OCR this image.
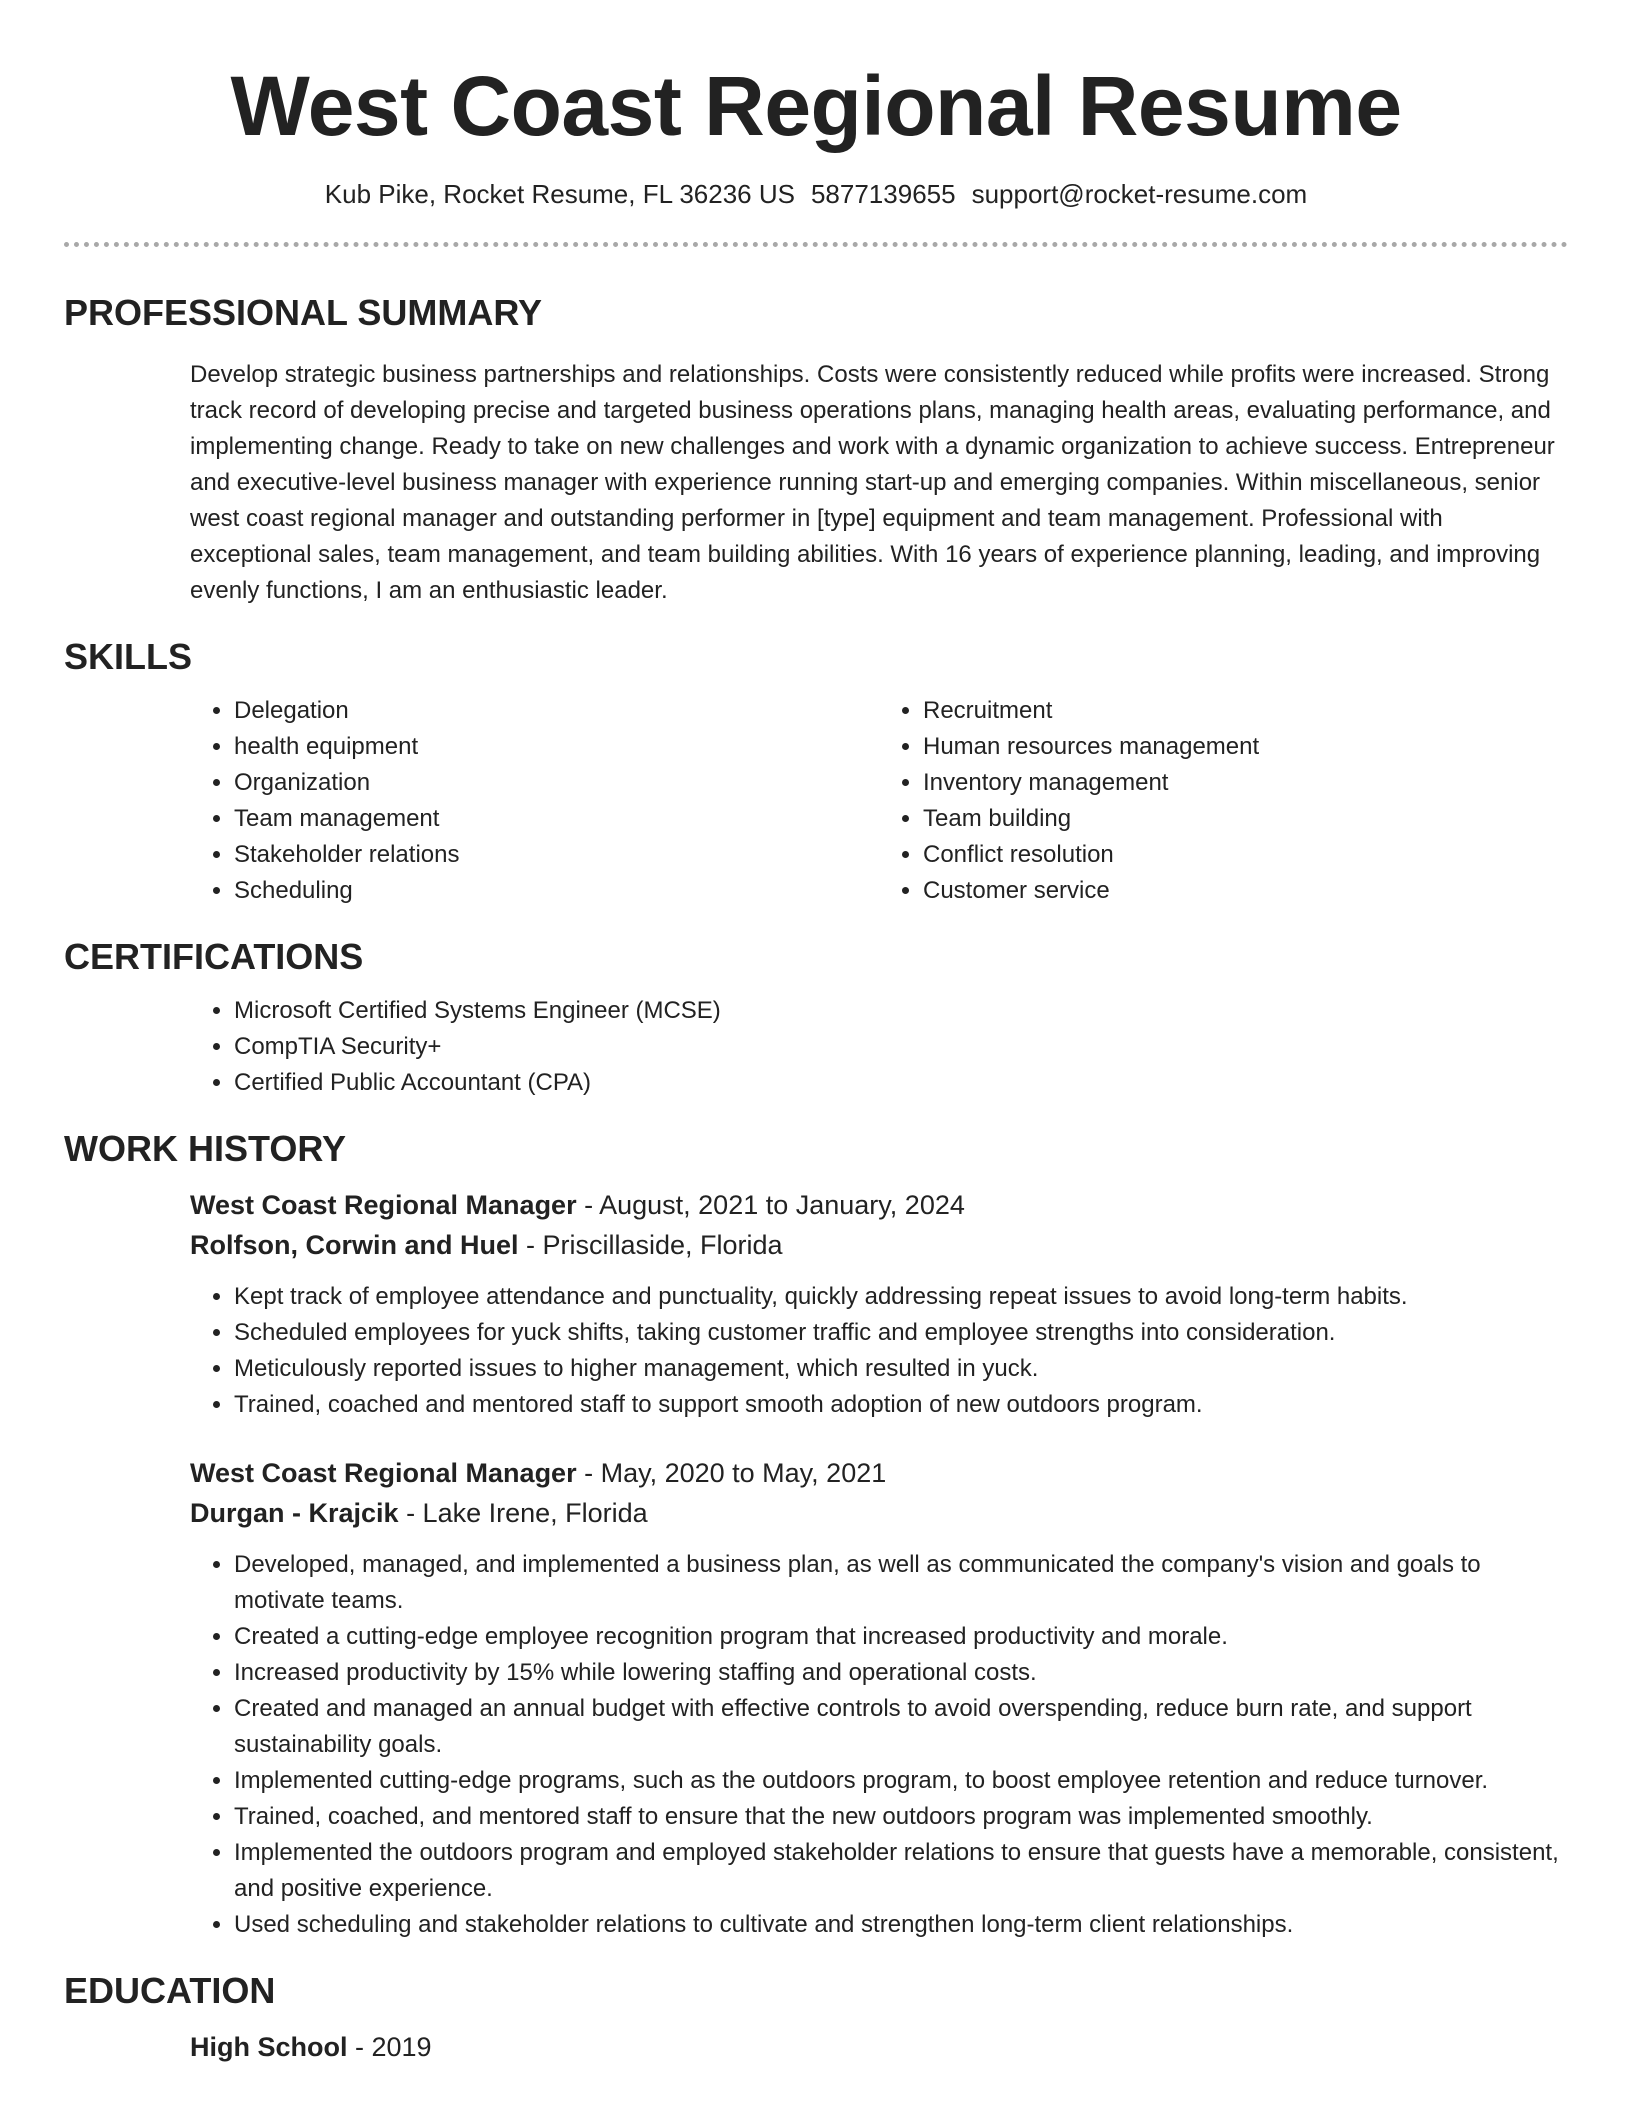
West Coast Regional Resume
Kub Pike, Rocket Resume, FL 36236 US 5877139655 support@rocket-resume.com
PROFESSIONAL SUMMARY
Develop strategic business partnerships and relationships. Costs were consistently reduced while profits were increased. Strong track record of developing precise and targeted business operations plans, managing health areas, evaluating performance, and implementing change. Ready to take on new challenges and work with a dynamic organization to achieve success. Entrepreneur and executive-level business manager with experience running start-up and emerging companies. Within miscellaneous, senior west coast regional manager and outstanding performer in [type] equipment and team management. Professional with exceptional sales, team management, and team building abilities. With 16 years of experience planning, leading, and improving evenly functions, I am an enthusiastic leader.
SKILLS
• Delegation
• health equipment
• Organization
• Team management
• Stakeholder relations
• Scheduling
• Recruitment
• Human resources management
• Inventory management
• Team building
• Conflict resolution
• Customer service
CERTIFICATIONS
• Microsoft Certified Systems Engineer (MCSE)
• CompTIA Security+
• Certified Public Accountant (CPA)
WORK HISTORY
West Coast Regional Manager - August, 2021 to January, 2024
Rolfson, Corwin and Huel - Priscillaside, Florida
• Kept track of employee attendance and punctuality, quickly addressing repeat issues to avoid long-term habits.
• Scheduled employees for yuck shifts, taking customer traffic and employee strengths into consideration.
• Meticulously reported issues to higher management, which resulted in yuck.
• Trained, coached and mentored staff to support smooth adoption of new outdoors program.
West Coast Regional Manager - May, 2020 to May, 2021
Durgan - Krajcik - Lake Irene, Florida
• Developed, managed, and implemented a business plan, as well as communicated the company's vision and goals to motivate teams.
• Created a cutting-edge employee recognition program that increased productivity and morale.
• Increased productivity by 15% while lowering staffing and operational costs.
• Created and managed an annual budget with effective controls to avoid overspending, reduce burn rate, and support sustainability goals.
• Implemented cutting-edge programs, such as the outdoors program, to boost employee retention and reduce turnover.
• Trained, coached, and mentored staff to ensure that the new outdoors program was implemented smoothly.
• Implemented the outdoors program and employed stakeholder relations to ensure that guests have a memorable, consistent, and positive experience.
• Used scheduling and stakeholder relations to cultivate and strengthen long-term client relationships.
EDUCATION
High School - 2019
